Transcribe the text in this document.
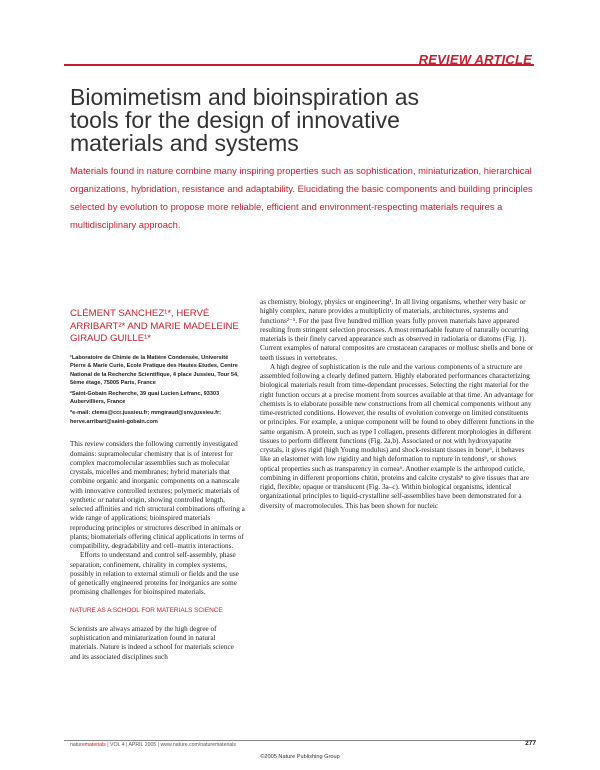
REVIEW ARTICLE
Biomimetism and bioinspiration as tools for the design of innovative materials and systems
Materials found in nature combine many inspiring properties such as sophistication, miniaturization, hierarchical organizations, hybridation, resistance and adaptability. Elucidating the basic components and building principles selected by evolution to propose more reliable, efficient and environment-respecting materials requires a multidisciplinary approach.
CLÉMENT SANCHEZ¹*, HERVÉ ARRIBART²* AND MARIE MADELEINE GIRAUD GUILLE¹*
¹Laboratoire de Chimie de la Matière Condensée, Université Pierre & Marie Curie, Ecole Pratique des Hautes Etudes, Centre National de la Recherche Scientifique, 4 place Jussieu, Tour 54, 5ème étage, 75005 Paris, France
²Saint-Gobain Recherche, 39 quai Lucien Lefranc, 93303 Aubervilliers, France
*e-mail: clems@ccr.jussieu.fr; mmgiraud@snv.jussieu.fr; herve.arribart@saint-gobain.com

This review considers the following currently investigated domains: supramolecular chemistry that is of interest for complex macromolecular assemblies such as molecular crystals, micelles and membranes; hybrid materials that combine organic and inorganic components on a nanoscale with innovative controlled textures; polymeric materials of synthetic or natural origin, showing controlled length, selected affinities and rich structural combinations offering a wide range of applications; bioinspired materials reproducing principles or structures described in animals or plants; biomaterials offering clinical applications in terms of compatibility, degradability and cell–matrix interactions.

Efforts to understand and control self-assembly, phase separation, confinement, chirality in complex systems, possibly in relation to external stimuli or fields and the use of genetically engineered proteins for inorganics are some promising challenges for bioinspired materials.

NATURE AS A SCHOOL FOR MATERIALS SCIENCE

Scientists are always amazed by the high degree of sophistication and miniaturization found in natural materials. Nature is indeed a school for materials science and its associated disciplines such

as chemistry, biology, physics or engineering¹. In all living organisms, whether very basic or highly complex, nature provides a multiplicity of materials, architectures, systems and functions²⁻⁵. For the past five hundred million years fully proven materials have appeared resulting from stringent selection processes. A most remarkable feature of naturally occurring materials is their finely carved appearance such as observed in radiolaria or diatoms (Fig. 1). Current examples of natural composites are crustacean carapaces or mollusc shells and bone or teeth tissues in vertebrates.

A high degree of sophistication is the rule and the various components of a structure are assembled following a clearly defined pattern. Highly elaborated performances characterizing biological materials result from time-dependant processes. Selecting the right material for the right function occurs at a precise moment from sources available at that time. An advantage for chemists is to elaborate possible new constructions from all chemical components without any time-restricted conditions. However, the results of evolution converge on limited constituents or principles. For example, a unique component will be found to obey different functions in the same organism. A protein, such as type I collagen, presents different morphologies in different tissues to perform different functions (Fig. 2a,b). Associated or not with hydroxyapatite crystals, it gives rigid (high Young modulus) and shock-resistant tissues in bone⁶, it behaves like an elastomer with low rigidity and high deformation to rupture in tendons⁶, or shows optical properties such as transparency in cornea⁶. Another example is the arthropod cuticle, combining in different proportions chitin, proteins and calcite crystals⁶ to give tissues that are rigid, flexible, opaque or translucent (Fig. 3a–c). Within biological organisms, identical organizational principles to liquid-crystalline self-assemblies have been demonstrated for a diversity of macromolecules. This has been shown for nucleic

naturematerials | VOL 4 | APRIL 2005 | www.nature.com/naturematerials	277
©2005 Nature Publishing Group
